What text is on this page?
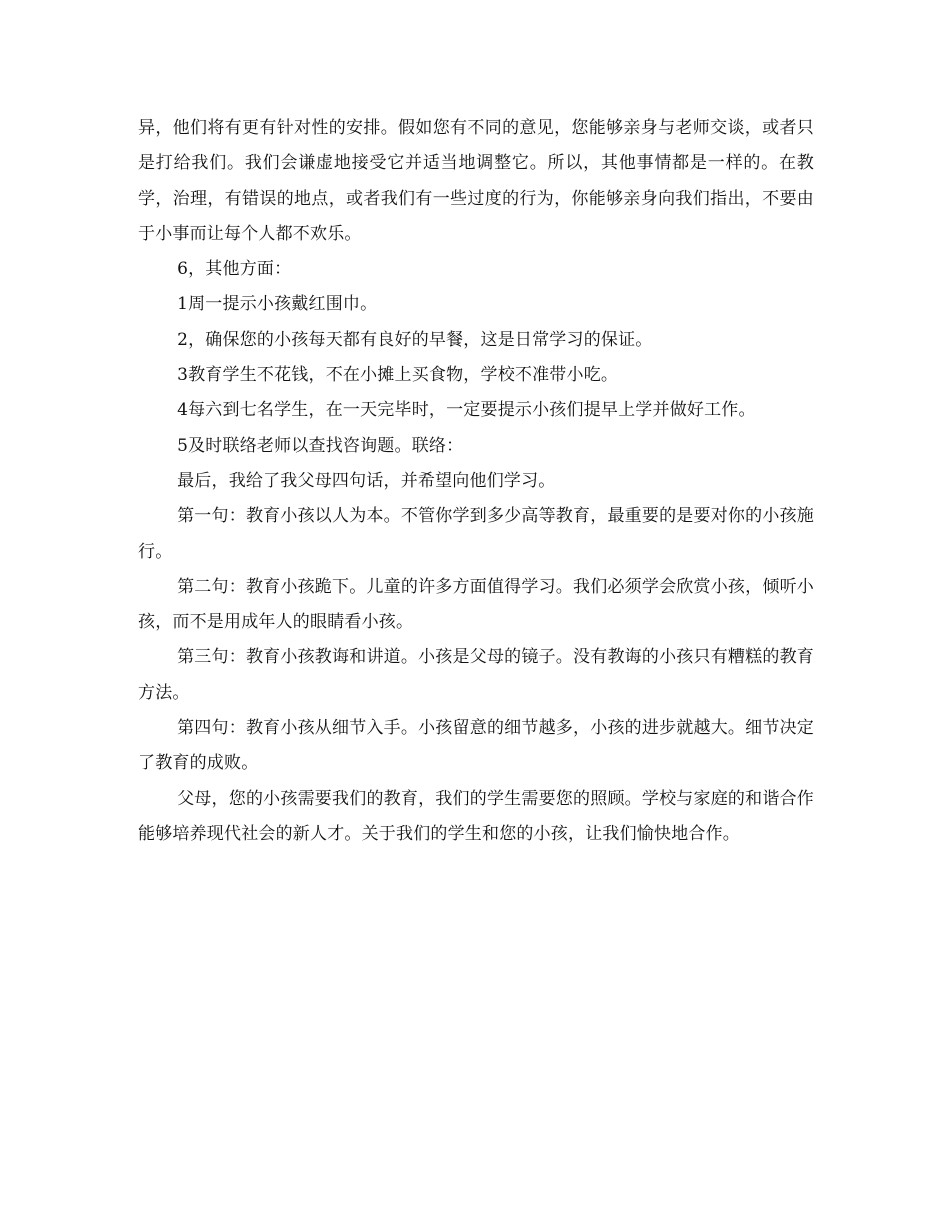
异，他们将有更有针对性的安排。假如您有不同的意见，您能够亲身与老师交谈，或者只是打给我们。我们会谦虚地接受它并适当地调整它。所以，其他事情都是一样的。在教学，治理，有错误的地点，或者我们有一些过度的行为，你能够亲身向我们指出，不要由于小事而让每个人都不欢乐。

6，其他方面：

1周一提示小孩戴红围巾。

2，确保您的小孩每天都有良好的早餐，这是日常学习的保证。

3教育学生不花钱，不在小摊上买食物，学校不准带小吃。

4每六到七名学生，在一天完毕时，一定要提示小孩们提早上学并做好工作。

5及时联络老师以查找咨询题。联络：

最后，我给了我父母四句话，并希望向他们学习。

第一句：教育小孩以人为本。不管你学到多少高等教育，最重要的是要对你的小孩施行。

第二句：教育小孩跪下。儿童的许多方面值得学习。我们必须学会欣赏小孩，倾听小孩，而不是用成年人的眼睛看小孩。

第三句：教育小孩教诲和讲道。小孩是父母的镜子。没有教诲的小孩只有糟糕的教育方法。

第四句：教育小孩从细节入手。小孩留意的细节越多，小孩的进步就越大。细节决定了教育的成败。

父母，您的小孩需要我们的教育，我们的学生需要您的照顾。学校与家庭的和谐合作能够培养现代社会的新人才。关于我们的学生和您的小孩，让我们愉快地合作。
